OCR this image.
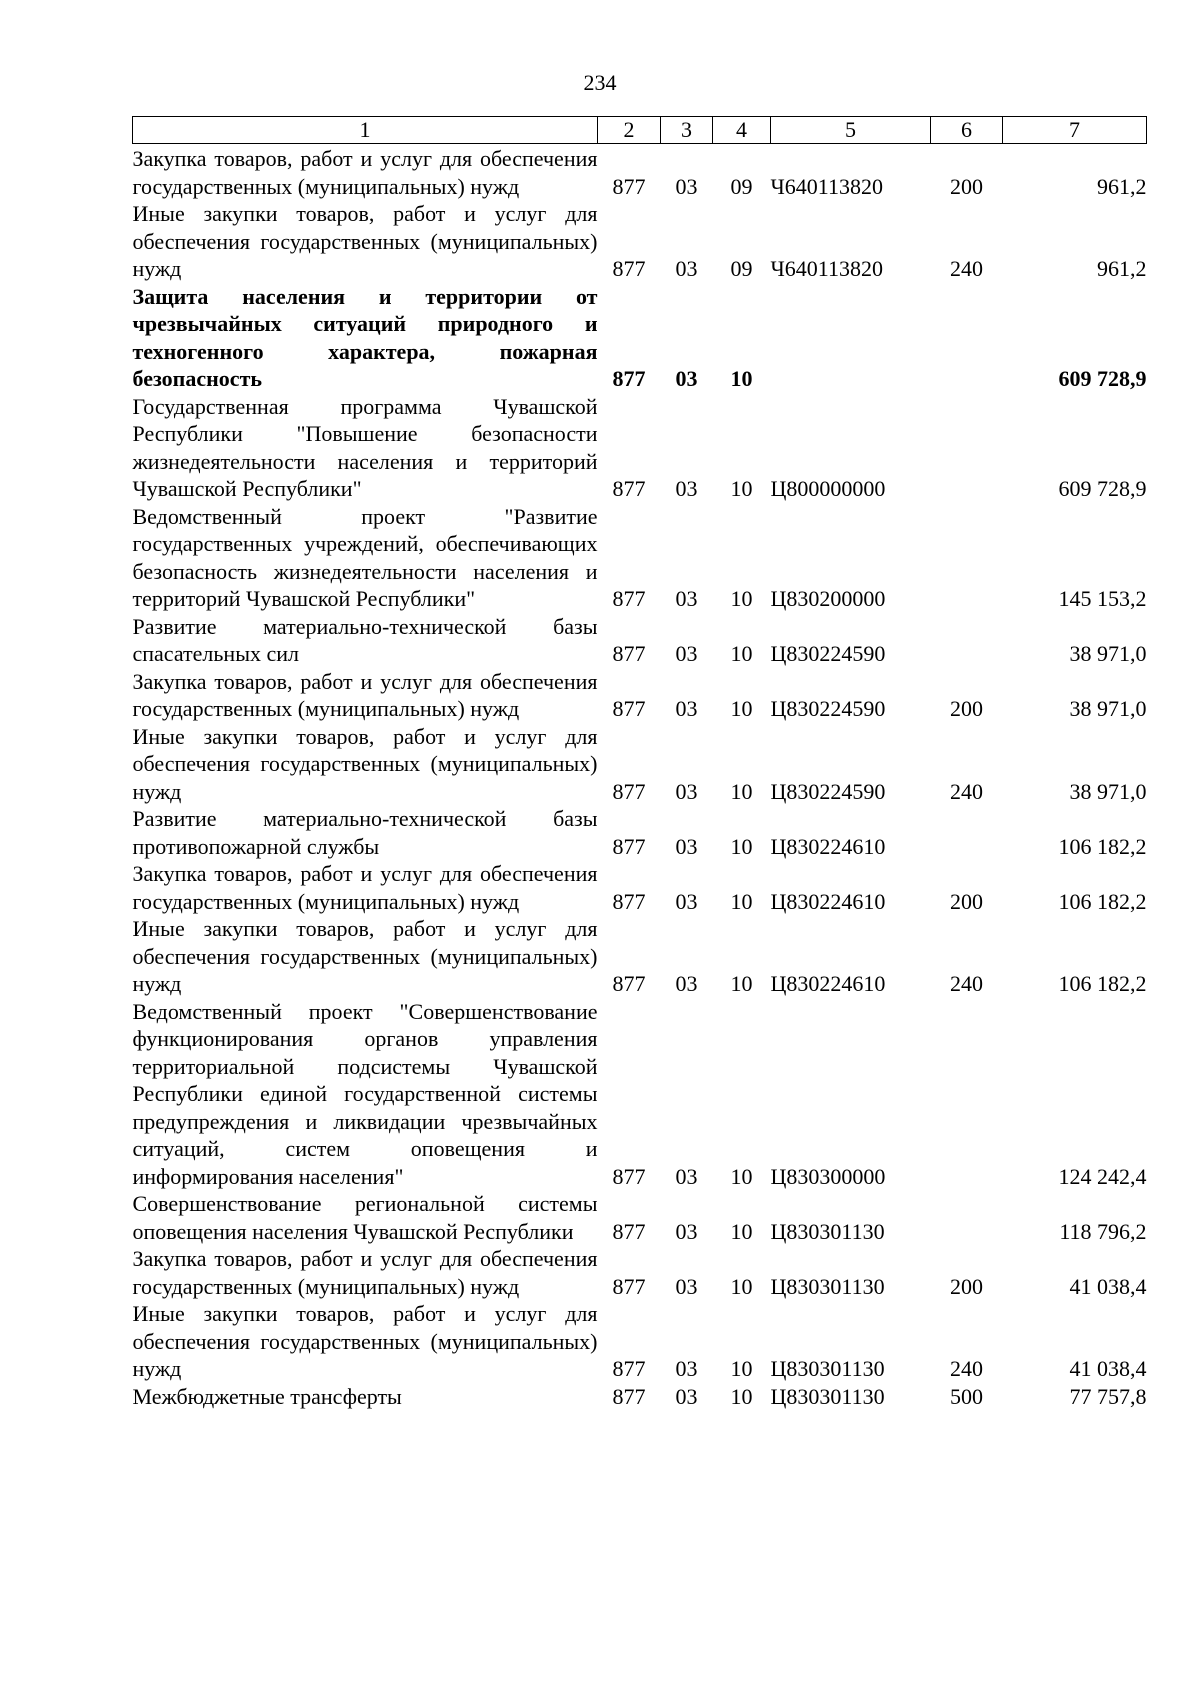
234
1	2	3	4	5	6	7
Закупка товаров, работ и услуг для обеспечения государственных (муниципальных) нужд	877	03	09	Ч640113820	200	961,2
Иные закупки товаров, работ и услуг для обеспечения государственных (муниципальных) нужд	877	03	09	Ч640113820	240	961,2
Защита населения и территории от чрезвычайных ситуаций природного и техногенного характера, пожарная безопасность	877	03	10			609 728,9
Государственная программа Чувашской Республики "Повышение безопасности жизнедеятельности населения и территорий Чувашской Республики"	877	03	10	Ц800000000		609 728,9
Ведомственный проект "Развитие государственных учреждений, обеспечивающих безопасность жизнедеятельности населения и территорий Чувашской Республики"	877	03	10	Ц830200000		145 153,2
Развитие материально-технической базы спасательных сил	877	03	10	Ц830224590		38 971,0
Закупка товаров, работ и услуг для обеспечения государственных (муниципальных) нужд	877	03	10	Ц830224590	200	38 971,0
Иные закупки товаров, работ и услуг для обеспечения государственных (муниципальных) нужд	877	03	10	Ц830224590	240	38 971,0
Развитие материально-технической базы противопожарной службы	877	03	10	Ц830224610		106 182,2
Закупка товаров, работ и услуг для обеспечения государственных (муниципальных) нужд	877	03	10	Ц830224610	200	106 182,2
Иные закупки товаров, работ и услуг для обеспечения государственных (муниципальных) нужд	877	03	10	Ц830224610	240	106 182,2
Ведомственный проект "Совершенствование функционирования органов управления территориальной подсистемы Чувашской Республики единой государственной системы предупреждения и ликвидации чрезвычайных ситуаций, систем оповещения и информирования населения"	877	03	10	Ц830300000		124 242,4
Совершенствование региональной системы оповещения населения Чувашской Республики	877	03	10	Ц830301130		118 796,2
Закупка товаров, работ и услуг для обеспечения государственных (муниципальных) нужд	877	03	10	Ц830301130	200	41 038,4
Иные закупки товаров, работ и услуг для обеспечения государственных (муниципальных) нужд	877	03	10	Ц830301130	240	41 038,4
Межбюджетные трансферты	877	03	10	Ц830301130	500	77 757,8
